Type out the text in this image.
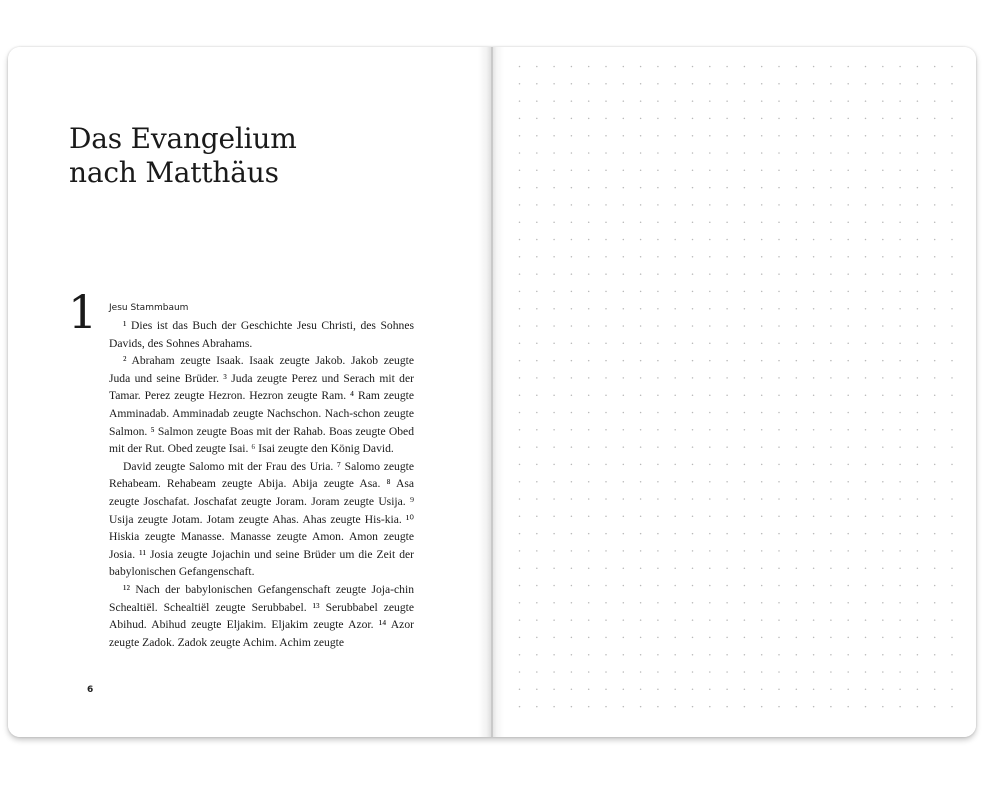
Das Evangelium
nach Matthäus
1 Jesu Stammbaum

¹ Dies ist das Buch der Geschichte Jesu Christi, des Sohnes Davids, des Sohnes Abrahams.

² Abraham zeugte Isaak. Isaak zeugte Jakob. Jakob zeugte Juda und seine Brüder. ³ Juda zeugte Perez und Serach mit der Tamar. Perez zeugte Hezron. Hezron zeugte Ram. ⁴ Ram zeugte Amminadab. Amminadab zeugte Nachschon. Nach-schon zeugte Salmon. ⁵ Salmon zeugte Boas mit der Rahab. Boas zeugte Obed mit der Rut. Obed zeugte Isai. ⁶ Isai zeugte den König David.

David zeugte Salomo mit der Frau des Uria. ⁷ Salomo zeugte Rehabeam. Rehabeam zeugte Abija. Abija zeugte Asa. ⁸ Asa zeugte Joschafat. Joschafat zeugte Joram. Joram zeugte Usija. ⁹ Usija zeugte Jotam. Jotam zeugte Ahas. Ahas zeugte His-kia. ¹⁰ Hiskia zeugte Manasse. Manasse zeugte Amon. Amon zeugte Josia. ¹¹ Josia zeugte Jojachin und seine Brüder um die Zeit der babylonischen Gefangenschaft.

¹² Nach der babylonischen Gefangenschaft zeugte Joja-chin Schealtiël. Schealtiël zeugte Serubbabel. ¹³ Serubbabel zeugte Abihud. Abihud zeugte Eljakim. Eljakim zeugte Azor. ¹⁴ Azor zeugte Zadok. Zadok zeugte Achim. Achim zeugte

6
